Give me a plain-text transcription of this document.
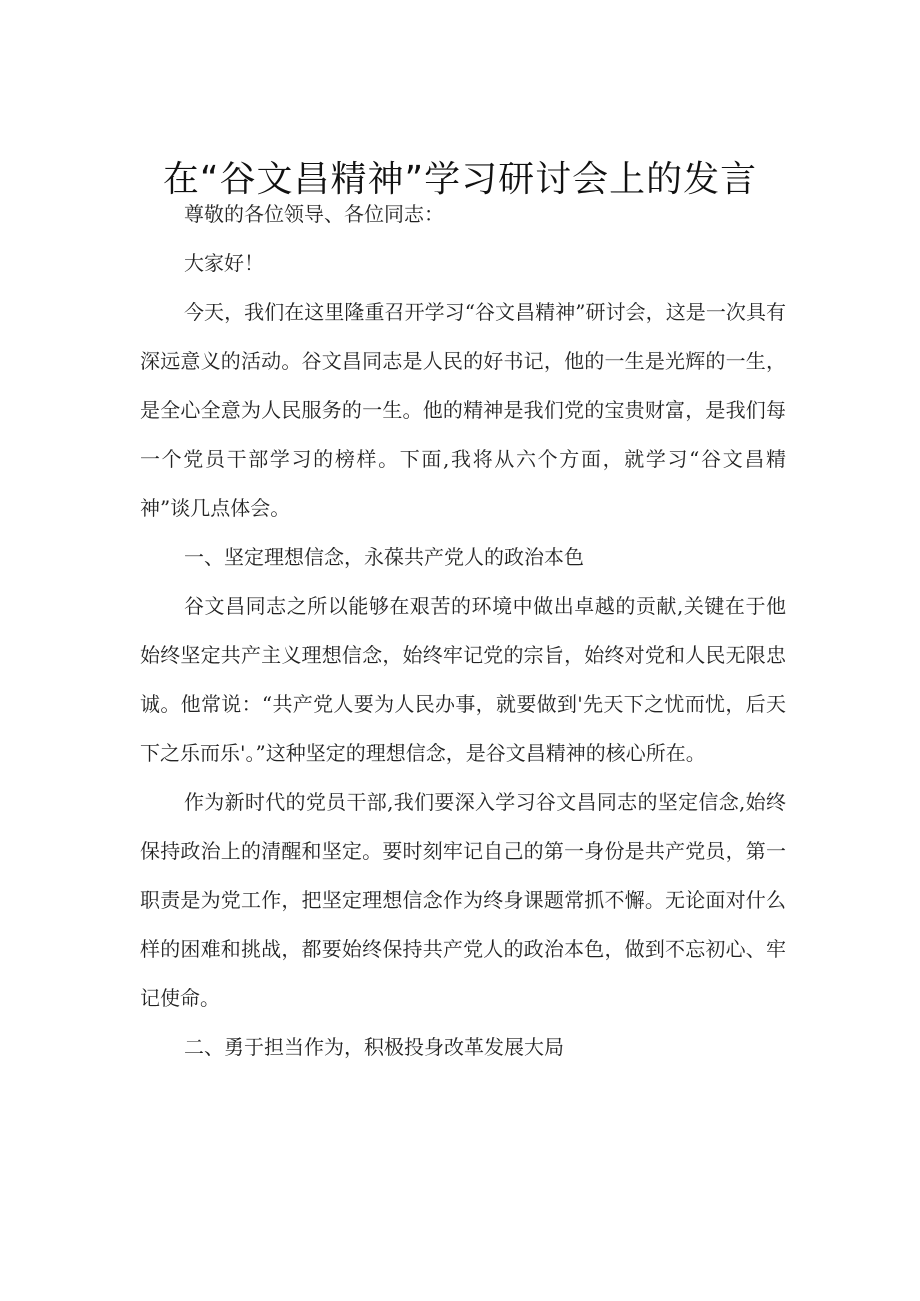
在“谷文昌精神”学习研讨会上的发言

尊敬的各位领导、各位同志：

大家好！

今天，我们在这里隆重召开学习“谷文昌精神”研讨会，这是一次具有深远意义的活动。谷文昌同志是人民的好书记，他的一生是光辉的一生，是全心全意为人民服务的一生。他的精神是我们党的宝贵财富，是我们每一个党员干部学习的榜样。下面,我将从六个方面，就学习“谷文昌精神”谈几点体会。

一、坚定理想信念，永葆共产党人的政治本色

谷文昌同志之所以能够在艰苦的环境中做出卓越的贡献,关键在于他始终坚定共产主义理想信念，始终牢记党的宗旨，始终对党和人民无限忠诚。他常说：“共产党人要为人民办事，就要做到'先天下之忧而忧，后天下之乐而乐'。”这种坚定的理想信念，是谷文昌精神的核心所在。

作为新时代的党员干部,我们要深入学习谷文昌同志的坚定信念,始终保持政治上的清醒和坚定。要时刻牢记自己的第一身份是共产党员，第一职责是为党工作，把坚定理想信念作为终身课题常抓不懈。无论面对什么样的困难和挑战，都要始终保持共产党人的政治本色，做到不忘初心、牢记使命。

二、勇于担当作为，积极投身改革发展大局
